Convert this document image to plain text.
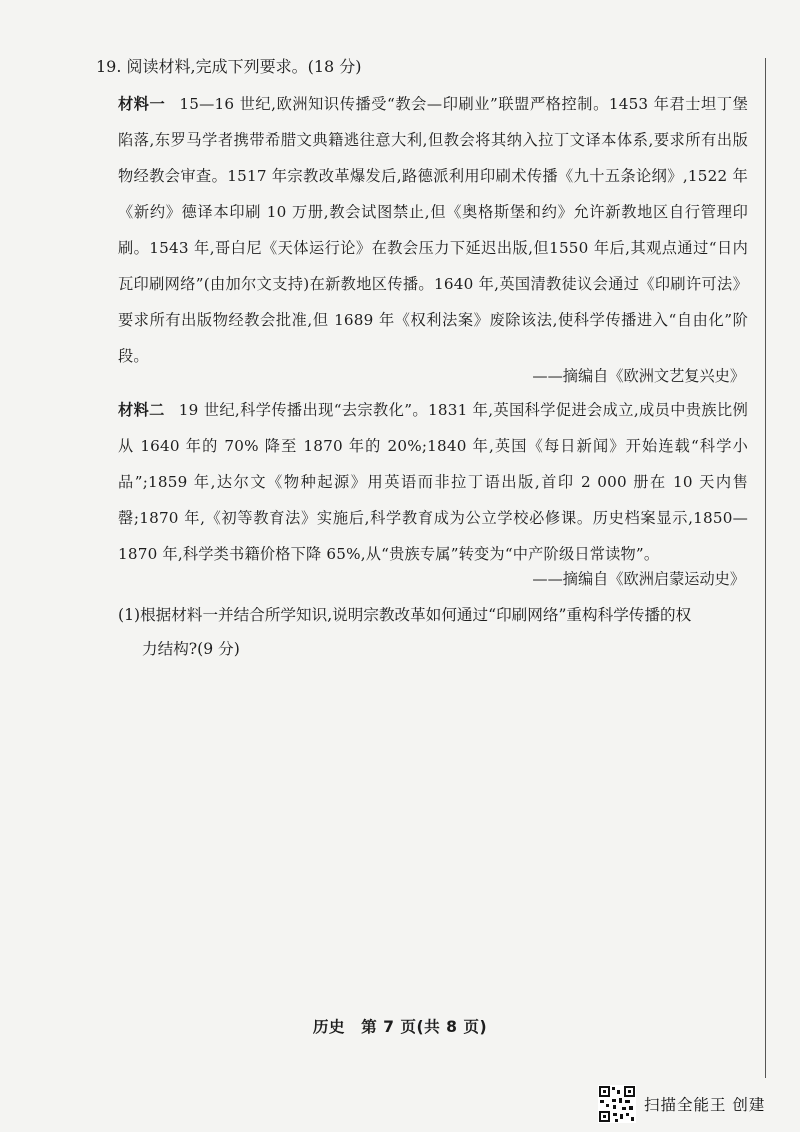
19. 阅读材料,完成下列要求。(18 分)
材料一 15—16 世纪,欧洲知识传播受“教会—印刷业”联盟严格控制。1453 年君士坦丁堡陷落,东罗马学者携带希腊文典籍逃往意大利,但教会将其纳入拉丁文译本体系,要求所有出版物经教会审查。1517 年宗教改革爆发后,路德派利用印刷术传播《九十五条论纲》,1522 年《新约》德译本印刷 10 万册,教会试图禁止,但《奥格斯堡和约》允许新教地区自行管理印刷。1543 年,哥白尼《天体运行论》在教会压力下延迟出版,但1550 年后,其观点通过“日内瓦印刷网络”(由加尔文支持)在新教地区传播。1640 年,英国清教徒议会通过《印刷许可法》要求所有出版物经教会批准,但 1689 年《权利法案》废除该法,使科学传播进入“自由化”阶段。
——摘编自《欧洲文艺复兴史》
材料二 19 世纪,科学传播出现“去宗教化”。1831 年,英国科学促进会成立,成员中贵族比例从 1640 年的 70% 降至 1870 年的 20%;1840 年,英国《每日新闻》开始连载“科学小品”;1859 年,达尔文《物种起源》用英语而非拉丁语出版,首印 2 000 册在 10 天内售罄;1870 年,《初等教育法》实施后,科学教育成为公立学校必修课。历史档案显示,1850—1870 年,科学类书籍价格下降 65%,从“贵族专属”转变为“中产阶级日常读物”。
——摘编自《欧洲启蒙运动史》
(1)根据材料一并结合所学知识,说明宗教改革如何通过“印刷网络”重构科学传播的权
力结构?(9 分)
历史　第 7 页(共 8 页)
扫描全能王 创建
